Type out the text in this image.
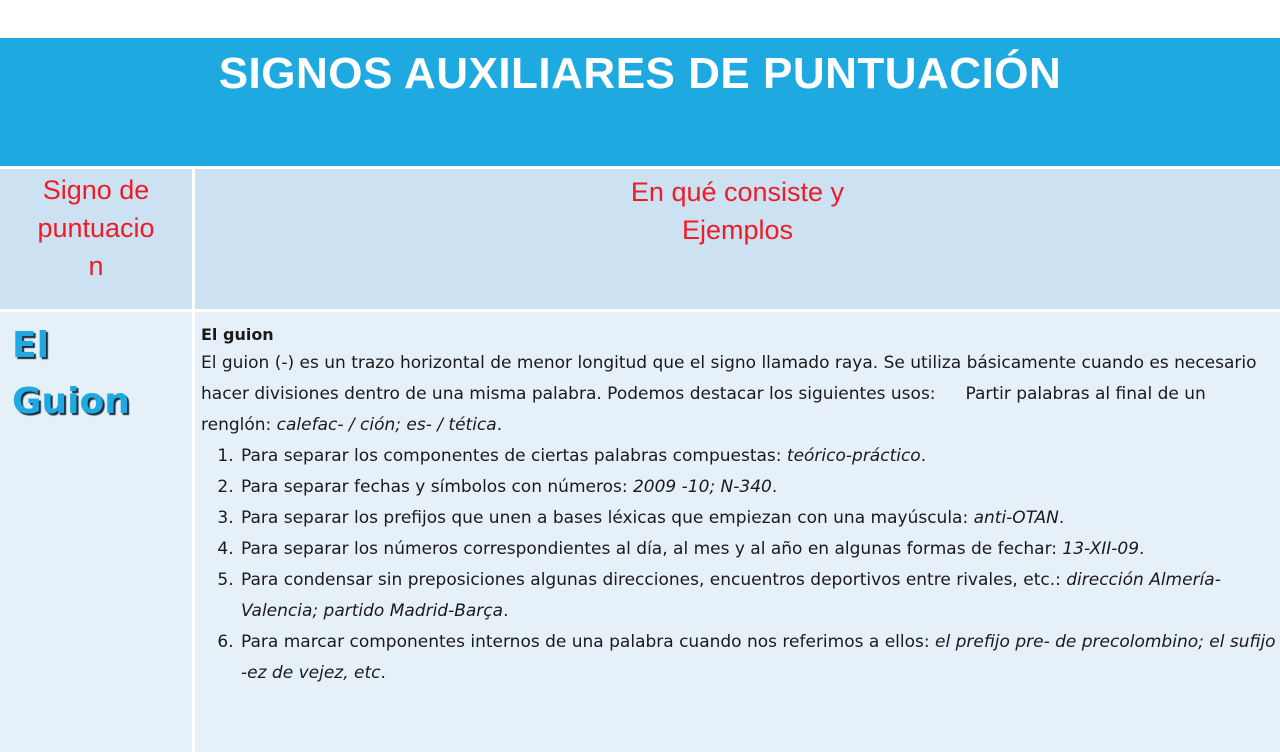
SIGNOS AUXILIARES DE PUNTUACIÓN
Signo de
puntuacio
n
En qué consiste y
Ejemplos
El
Guion

El guion

El guion (-) es un trazo horizontal de menor longitud que el signo llamado raya. Se utiliza básicamente cuando es necesario hacer divisiones dentro de una misma palabra. Podemos destacar los siguientes usos: Partir palabras al final de un renglón: calefac- / ción; es- / tética.

1. Para separar los componentes de ciertas palabras compuestas: teórico-práctico.
2. Para separar fechas y símbolos con números: 2009 -10; N-340.
3. Para separar los prefijos que unen a bases léxicas que empiezan con una mayúscula: anti-OTAN.
4. Para separar los números correspondientes al día, al mes y al año en algunas formas de fechar: 13-XII-09.
5. Para condensar sin preposiciones algunas direcciones, encuentros deportivos entre rivales, etc.: dirección Almería-Valencia; partido Madrid-Barça.
6. Para marcar componentes internos de una palabra cuando nos referimos a ellos: el prefijo pre- de precolombino; el sufijo -ez de vejez, etc.
